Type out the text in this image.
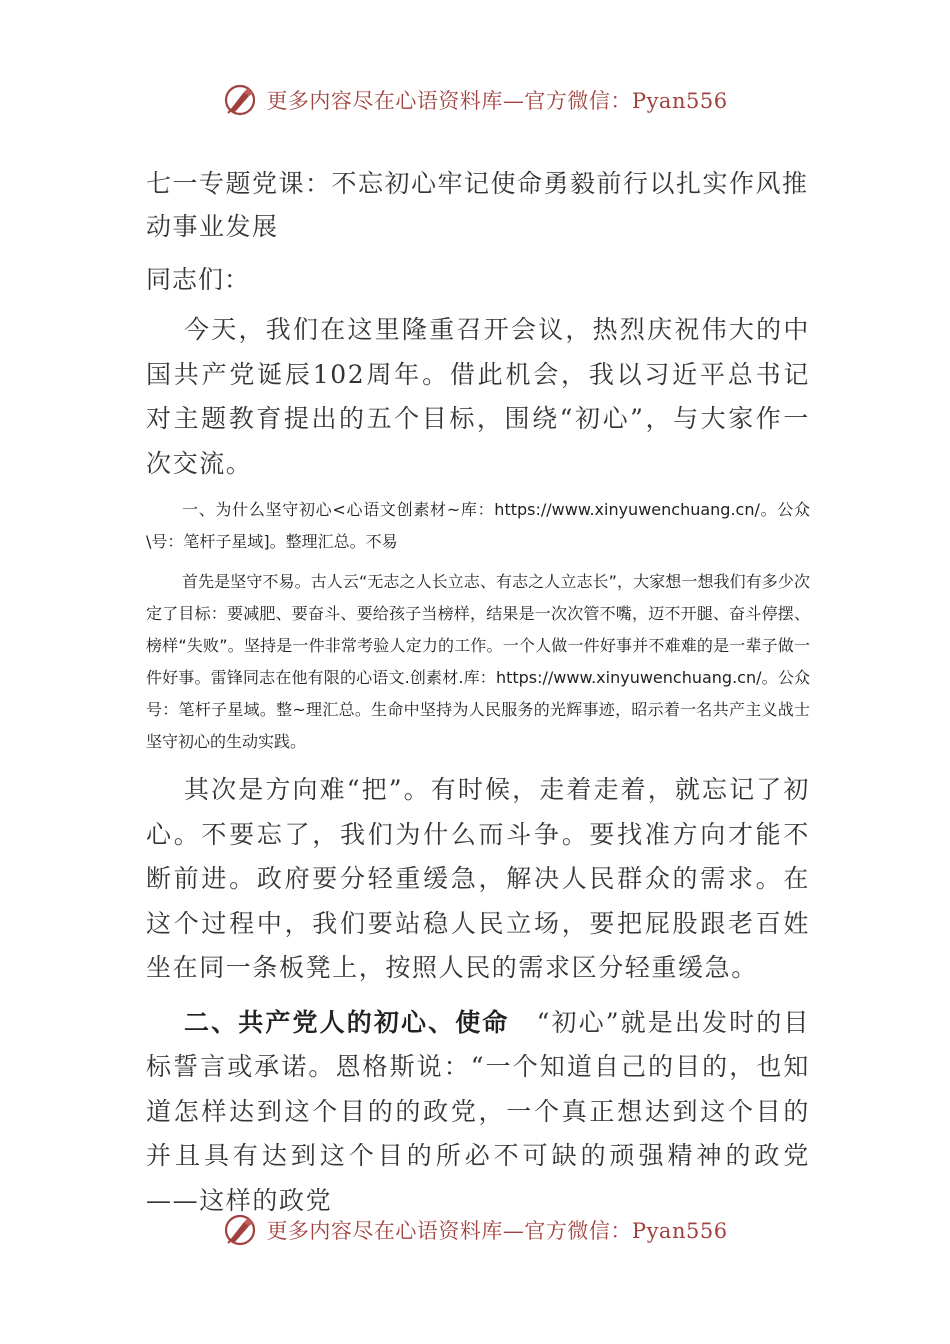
更多内容尽在心语资料库—官方微信：Pyan556

七一专题党课：不忘初心牢记使命勇毅前行以扎实作风推动事业发展

同志们：

今天，我们在这里隆重召开会议，热烈庆祝伟大的中国共产党诞辰102周年。借此机会，我以习近平总书记对主题教育提出的五个目标，围绕“初心”，与大家作一次交流。

一、为什么坚守初心<心语文创素材~库：https://www.xinyuwenchuang.cn/。公众\号：笔杆子星域]。整理汇总。不易

首先是坚守不易。古人云“无志之人长立志、有志之人立志长”，大家想一想我们有多少次定了目标：要减肥、要奋斗、要给孩子当榜样，结果是一次次管不嘴，迈不开腿、奋斗停摆、榜样“失败”。坚持是一件非常考验人定力的工作。一个人做一件好事并不难难的是一辈子做一件好事。雷锋同志在他有限的心语文.创素材.库：https://www.xinyuwenchuang.cn/。公众号：笔杆子星域。整~理汇总。生命中坚持为人民服务的光辉事迹，昭示着一名共产主义战士坚守初心的生动实践。

其次是方向难“把”。有时候，走着走着，就忘记了初心。不要忘了，我们为什么而斗争。要找准方向才能不断前进。政府要分轻重缓急，解决人民群众的需求。在这个过程中，我们要站稳人民立场，要把屁股跟老百姓坐在同一条板凳上，按照人民的需求区分轻重缓急。

二、共产党人的初心、使命　 “初心”就是出发时的目标誓言或承诺。恩格斯说：“一个知道自己的目的，也知道怎样达到这个目的的政党，一个真正想达到这个目的并且具有达到这个目的所必不可缺的顽强精神的政党——这样的政党

更多内容尽在心语资料库—官方微信：Pyan556
